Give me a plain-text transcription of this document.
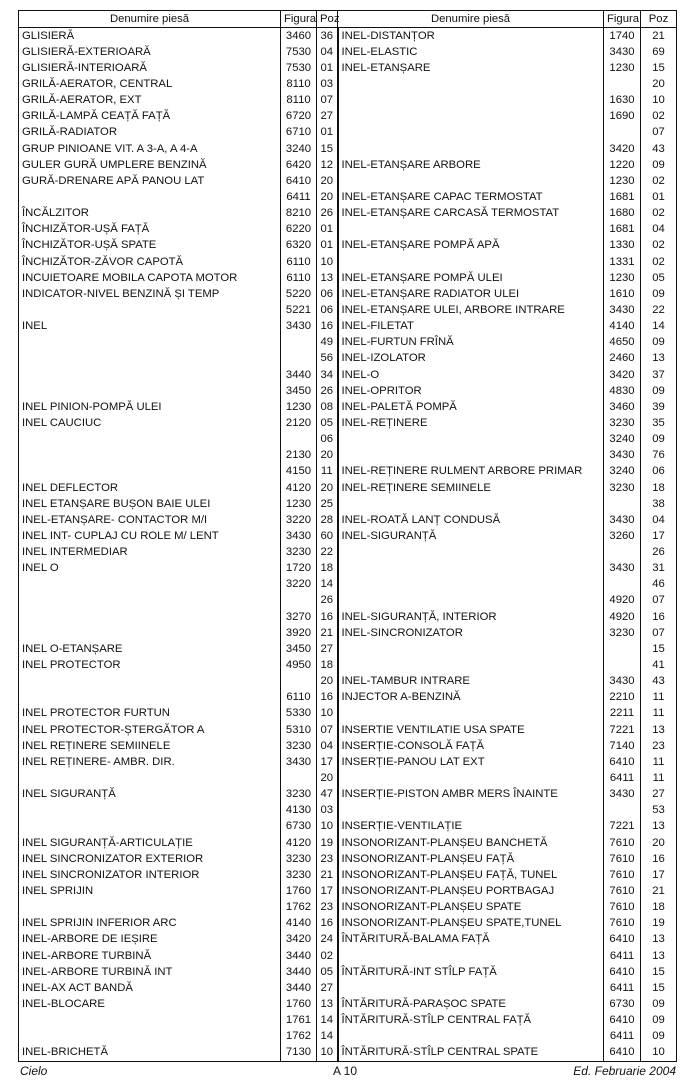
Denumire piesă	Figura	Poz	Denumire piesă	Figura	Poz
GLISIERĂ	3460	36	INEL-DISTANȚOR	1740	21
GLISIERĂ-EXTERIOARĂ	7530	04	INEL-ELASTIC	3430	69
GLISIERĂ-INTERIOARĂ	7530	01	INEL-ETANȘARE	1230	15
GRILĂ-AERATOR, CENTRAL	8110	03			20
GRILĂ-AERATOR, EXT	8110	07		1630	10
GRILĂ-LAMPĂ CEAȚĂ FAȚĂ	6720	27		1690	02
GRILĂ-RADIATOR	6710	01			07
GRUP PINIOANE VIT. A 3-A, A 4-A	3240	15		3420	43
GULER GURĂ UMPLERE BENZINĂ	6420	12	INEL-ETANȘARE ARBORE	1220	09
GURĂ-DRENARE APĂ PANOU LAT	6410	20		1230	02
	6411	20	INEL-ETANȘARE CAPAC TERMOSTAT	1681	01
ÎNCĂLZITOR	8210	26	INEL-ETANȘARE CARCASĂ TERMOSTAT	1680	02
ÎNCHIZĂTOR-UȘĂ FAȚĂ	6220	01		1681	04
ÎNCHIZĂTOR-UȘĂ SPATE	6320	01	INEL-ETANȘARE POMPĂ APĂ	1330	02
ÎNCHIZĂTOR-ZĂVOR CAPOTĂ	6110	10		1331	02
INCUIETOARE MOBILA CAPOTA MOTOR	6110	13	INEL-ETANȘARE POMPĂ ULEI	1230	05
INDICATOR-NIVEL BENZINĂ ȘI TEMP	5220	06	INEL-ETANȘARE RADIATOR ULEI	1610	09
	5221	06	INEL-ETANȘARE ULEI, ARBORE INTRARE	3430	22
INEL	3430	16	INEL-FILETAT	4140	14
		49	INEL-FURTUN FRÎNĂ	4650	09
		56	INEL-IZOLATOR	2460	13
	3440	34	INEL-O	3420	37
	3450	26	INEL-OPRITOR	4830	09
INEL PINION-POMPĂ ULEI	1230	08	INEL-PALETĂ POMPĂ	3460	39
INEL CAUCIUC	2120	05	INEL-REȚINERE	3230	35
		06		3240	09
	2130	20		3430	76
	4150	11	INEL-REȚINERE RULMENT ARBORE PRIMAR	3240	06
INEL DEFLECTOR	4120	20	INEL-REȚINERE SEMIINELE	3230	18
INEL ETANȘARE BUȘON BAIE ULEI	1230	25			38
INEL-ETANȘARE- CONTACTOR M/I	3220	28	INEL-ROATĂ LANȚ CONDUSĂ	3430	04
INEL INT- CUPLAJ CU ROLE M/ LENT	3430	60	INEL-SIGURANȚĂ	3260	17
INEL INTERMEDIAR	3230	22			26
INEL O	1720	18		3430	31
	3220	14			46
		26		4920	07
	3270	16	INEL-SIGURANȚĂ, INTERIOR	4920	16
	3920	21	INEL-SINCRONIZATOR	3230	07
INEL O-ETANȘARE	3450	27			15
INEL PROTECTOR	4950	18			41
		20	INEL-TAMBUR INTRARE	3430	43
	6110	16	INJECTOR A-BENZINĂ	2210	11
INEL PROTECTOR FURTUN	5330	10		2211	11
INEL PROTECTOR-ȘTERGĂTOR A	5310	07	INSERTIE VENTILATIE USA SPATE	7221	13
INEL REȚINERE SEMIINELE	3230	04	INSERȚIE-CONSOLĂ FAȚĂ	7140	23
INEL REȚINERE- AMBR. DIR.	3430	17	INSERȚIE-PANOU LAT EXT	6410	11
		20		6411	11
INEL SIGURANȚĂ	3230	47	INSERȚIE-PISTON AMBR MERS ÎNAINTE	3430	27
	4130	03			53
	6730	10	INSERȚIE-VENTILAȚIE	7221	13
INEL SIGURANȚĂ-ARTICULAȚIE	4120	19	INSONORIZANT-PLANȘEU BANCHETĂ	7610	20
INEL SINCRONIZATOR EXTERIOR	3230	23	INSONORIZANT-PLANȘEU FAȚĂ	7610	16
INEL SINCRONIZATOR INTERIOR	3230	21	INSONORIZANT-PLANȘEU FAȚĂ, TUNEL	7610	17
INEL SPRIJIN	1760	17	INSONORIZANT-PLANȘEU PORTBAGAJ	7610	21
	1762	23	INSONORIZANT-PLANȘEU SPATE	7610	18
INEL SPRIJIN INFERIOR ARC	4140	16	INSONORIZANT-PLANȘEU SPATE,TUNEL	7610	19
INEL-ARBORE DE IEȘIRE	3420	24	ÎNTĂRITURĂ-BALAMA FAȚĂ	6410	13
INEL-ARBORE TURBINĂ	3440	02		6411	13
INEL-ARBORE TURBINĂ INT	3440	05	ÎNTĂRITURĂ-INT STÎLP FAȚĂ	6410	15
INEL-AX ACT BANDĂ	3440	27		6411	15
INEL-BLOCARE	1760	13	ÎNTĂRITURĂ-PARAȘOC SPATE	6730	09
	1761	14	ÎNTĂRITURĂ-STÎLP CENTRAL FAȚĂ	6410	09
	1762	14		6411	09
INEL-BRICHETĂ	7130	10	ÎNTĂRITURĂ-STÎLP CENTRAL SPATE	6410	10
Cielo	A 10	Ed. Februarie 2004
